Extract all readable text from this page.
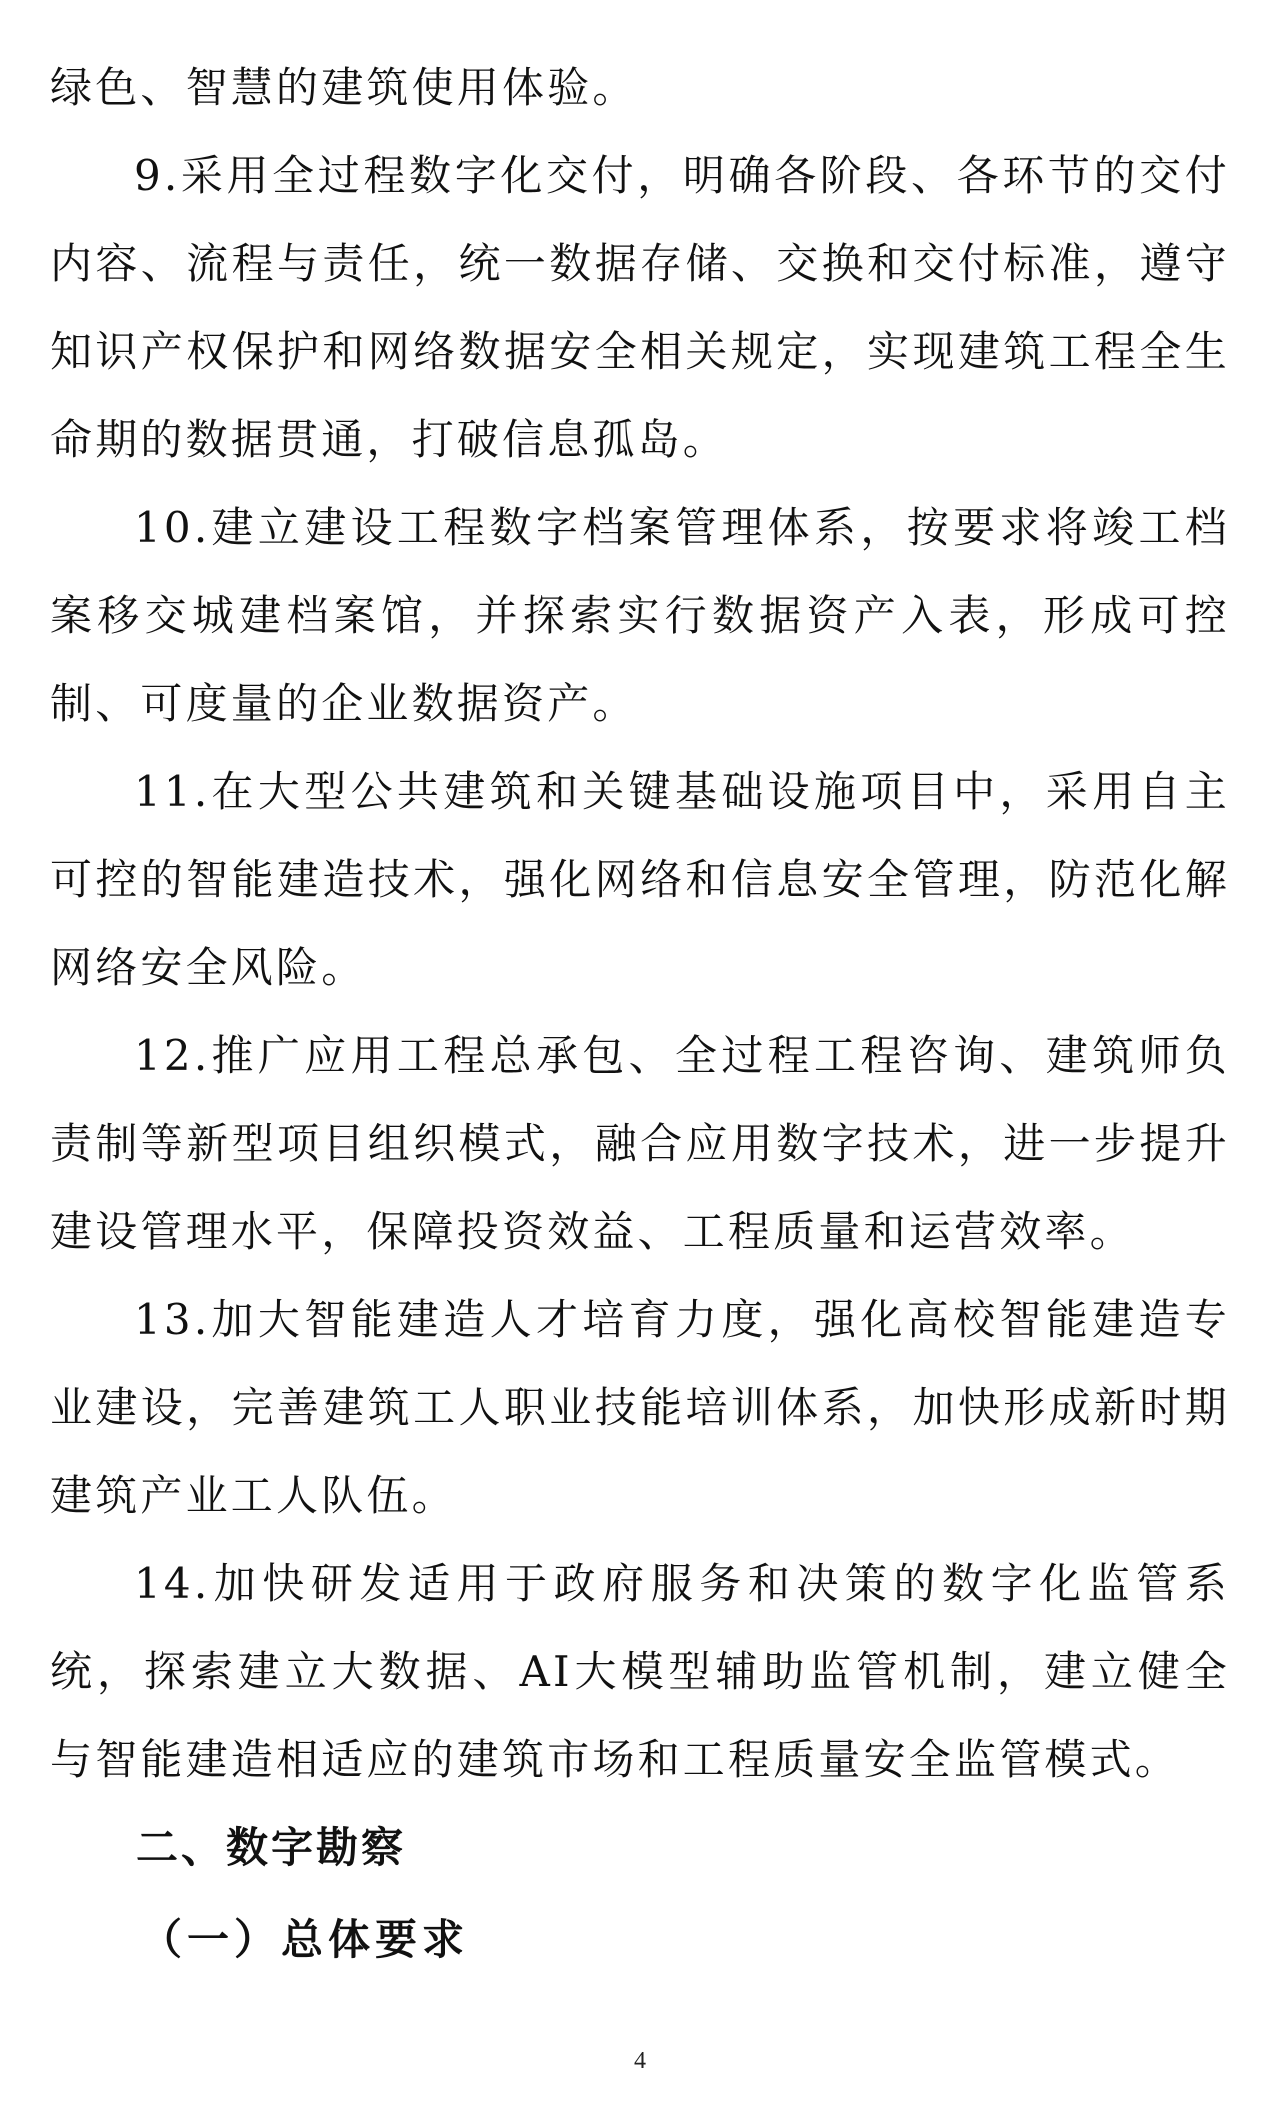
绿色、智慧的建筑使用体验。

9.采用全过程数字化交付，明确各阶段、各环节的交付内容、流程与责任，统一数据存储、交换和交付标准，遵守知识产权保护和网络数据安全相关规定，实现建筑工程全生命期的数据贯通，打破信息孤岛。

10.建立建设工程数字档案管理体系，按要求将竣工档案移交城建档案馆，并探索实行数据资产入表，形成可控制、可度量的企业数据资产。

11.在大型公共建筑和关键基础设施项目中，采用自主可控的智能建造技术，强化网络和信息安全管理，防范化解网络安全风险。

12.推广应用工程总承包、全过程工程咨询、建筑师负责制等新型项目组织模式，融合应用数字技术，进一步提升建设管理水平，保障投资效益、工程质量和运营效率。

13.加大智能建造人才培育力度，强化高校智能建造专业建设，完善建筑工人职业技能培训体系，加快形成新时期建筑产业工人队伍。

14.加快研发适用于政府服务和决策的数字化监管系统，探索建立大数据、AI大模型辅助监管机制，建立健全与智能建造相适应的建筑市场和工程质量安全监管模式。

二、数字勘察
（一）总体要求
4
